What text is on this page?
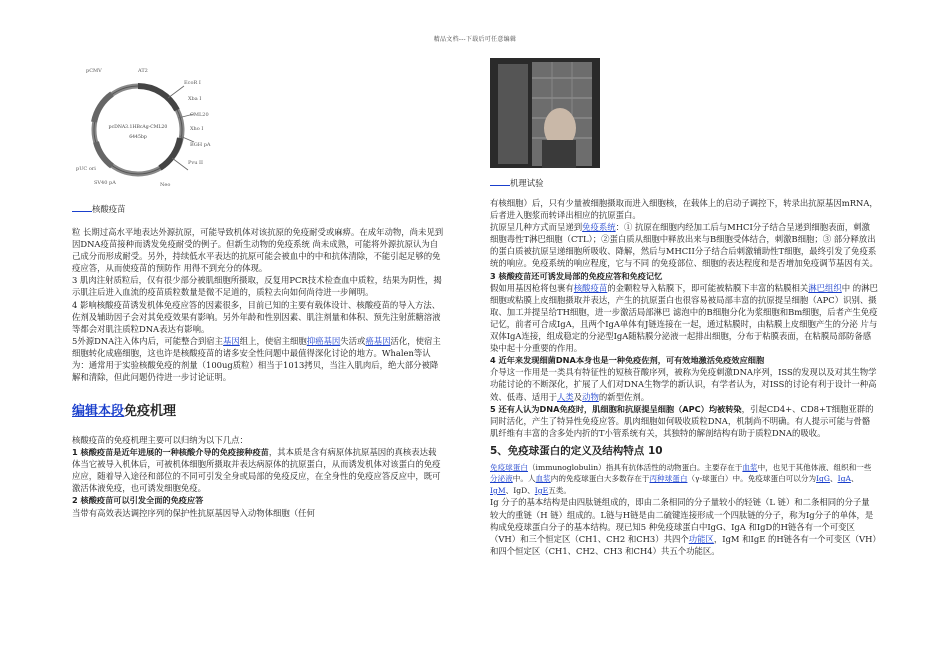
精品文档---下载后可任意编辑
pCMV	AT2
EcoR I
Xba I
CML20
Xho I
BGH pA
Pvu II
Neo
SV40 pA
pUC ori
pcDNA3.1HBcAg-CML20
6445bp
核酸疫苗
机理试验

粒 长期过高水平地表达外源抗原，可能导致机体对该抗原的免疫耐受或麻痹。在成年动物，尚未见到因DNA疫苗接种而诱发免疫耐受的例子。但新生动物的免疫系统 尚未成熟，可能将外源抗原认为自己成分而形成耐受。另外，持续低水平表达的抗原可能会被血中的中和抗体清除，不能引起足够的免疫应答，从而使疫苗的预防作 用得不到充分的体现。

3 肌肉注射质粒后，仅有很少部分被肌细胞所摄取，反复用PCR技术检查血中质粒，结果为阴性，揭示肌注后进入血流的疫苗质粒数量是微不足道的，质粒去向如何尚待进一步阐明。

4 影响核酸疫苗诱发机体免疫应答的因素很多，目前已知的主要有载体设计、核酸疫苗的导入方法、佐剂及辅助因子会对其免疫效果有影响。另外年龄和性别因素、肌注剂量和体积、预先注射蔗糖溶液等都会对肌注质粒DNA表达有影响。

5外源DNA注入体内后，可能整合到宿主基因组上，使宿主细胞抑癌基因失活或癌基因活化，使宿主细胞转化成癌细胞，这也许是核酸疫苗的诸多安全性问题中最值得深化讨论的地方。Whalen等认为：通常用于实验核酸免疫的剂量（100ug质粒）相当于1013拷贝，当注入肌肉后，绝大部分被降解和清除，但此问题仍待进一步讨论证明。

编辑本段免疫机理

核酸疫苗的免疫机理主要可以归纳为以下几点：

1 核酸疫苗是近年进展的一种核酸介导的免疫接种疫苗，其本质是含有病原体抗原基因的真核表达载体当它被导入机体后，可被机体细胞所摄取并表达病原体的抗原蛋白，从而诱发机体对该蛋白的免疫应应，随着导入途径和部位的不同可引发全身或局部的免疫反应，在全身性的免疫应答反应中，既可激活体液免疫，也可诱发细胞免疫。

2 核酸疫苗可以引发全面的免疫应答

当带有高效表达调控序列的保护性抗原基因导入动物体细胞（任何

有核细胞）后，只有少量被细胞摄取而进入细胞核，在载体上的启动子调控下，转录出抗原基因mRNA，后者进入胞浆而转译出相应的抗原蛋白。

抗原呈几种方式而呈递到免疫系统：① 抗原在细胞内经加工后与MHCI分子结合呈递到细胞表面，刺激细胞毒性T淋巴细胞（CTL）；②蛋白质从细胞中释放出来与B细胞受体结合，刺激B细胞；③ 部分释放出的蛋白质被抗原呈递细胞所吸收、降解，然后与MHCII分子结合后刺激辅助性T细胞，最终引发了免疫系统的响应。免疫系统的响应程度，它与不同 的免疫部位、细胞的表达程度和是否增加免疫调节基因有关。

3 核酸疫苗还可诱发局部的免疫应答和免疫记忆

假如用基因枪将包裹有核酸疫苗的金颗粒导入粘膜下，即可能被粘膜下丰富的粘膜相关淋巴组织中 的淋巴细胞或粘膜上皮细胞摄取并表达，产生的抗原蛋白也很容易被局部丰富的抗原提呈细胞（APC）识别、摄取、加工并提呈给TH细胞，进一步激活局部淋巴 滤泡中的B细胞分化为浆细胞和Bm细胞，后者产生免疫记忆，前者可合成IgA，且两个IgA单体有J链连接在一起，通过粘膜时，由粘膜上皮细胞产生的分泌 片与双体IgA连接，组成稳定的分泌型IgA随粘膜分泌液一起排出细胞，分布于粘膜表面，在粘膜局部防备感染中起十分重要的作用。

4 近年来发现细菌DNA本身也是一种免疫佐剂，可有效地激活免疫效应细胞

介导这一作用是一类具有特征性的短核苷酸序列，被称为免疫刺激DNA序列，ISS的发现以及对其生物学功能讨论的不断深化，扩展了人们对DNA生物学的新认识，有学者认为，对ISS的讨论有利于设计一种高效、低毒、适用于人类及动物的新型佐剂。

5 还有人认为DNA免疫时，肌细胞和抗原提呈细胞（APC）均被转染，引起CD4+、CD8+T细胞亚群的同时活化，产生了特异性免疫应答。肌肉细胞如何吸收质粒DNA，机制尚不明确。有人提示可能与骨骼肌纤维有丰富的含多处内折的T小管系统有关，其独特的解剖结构有助于质粒DNA的吸收。

5、免疫球蛋白的定义及结构特点 10

免疫球蛋白（immunoglobulin）指具有抗体活性的动物蛋白。主要存在于血浆中，也见于其他体液、组织和一些分泌液中。人血浆内的免疫球蛋白大多数存在于丙种球蛋白（γ-球蛋白）中。免疫球蛋白可以分为IgG、IgA、IgM、IgD、IgE五类。

Ig 分子的基本结构是由四肽链组成的，即由二条相同的分子量较小的轻链（L 链）和二条相同的分子量较大的重链（H 链）组成的。L链与H链是由二硫键连接形成一个四肽链的分子，称为Ig分子的单体，是构成免疫球蛋白分子的基本结构。现已知5 种免疫球蛋白中IgG、IgA 和IgD的H链各有一个可变区（VH）和三个恒定区（CH1、CH2 和CH3）共四个功能区，IgM 和IgE 的H链各有一个可变区（VH）和四个恒定区（CH1、CH2、CH3 和CH4）共五个功能区。
